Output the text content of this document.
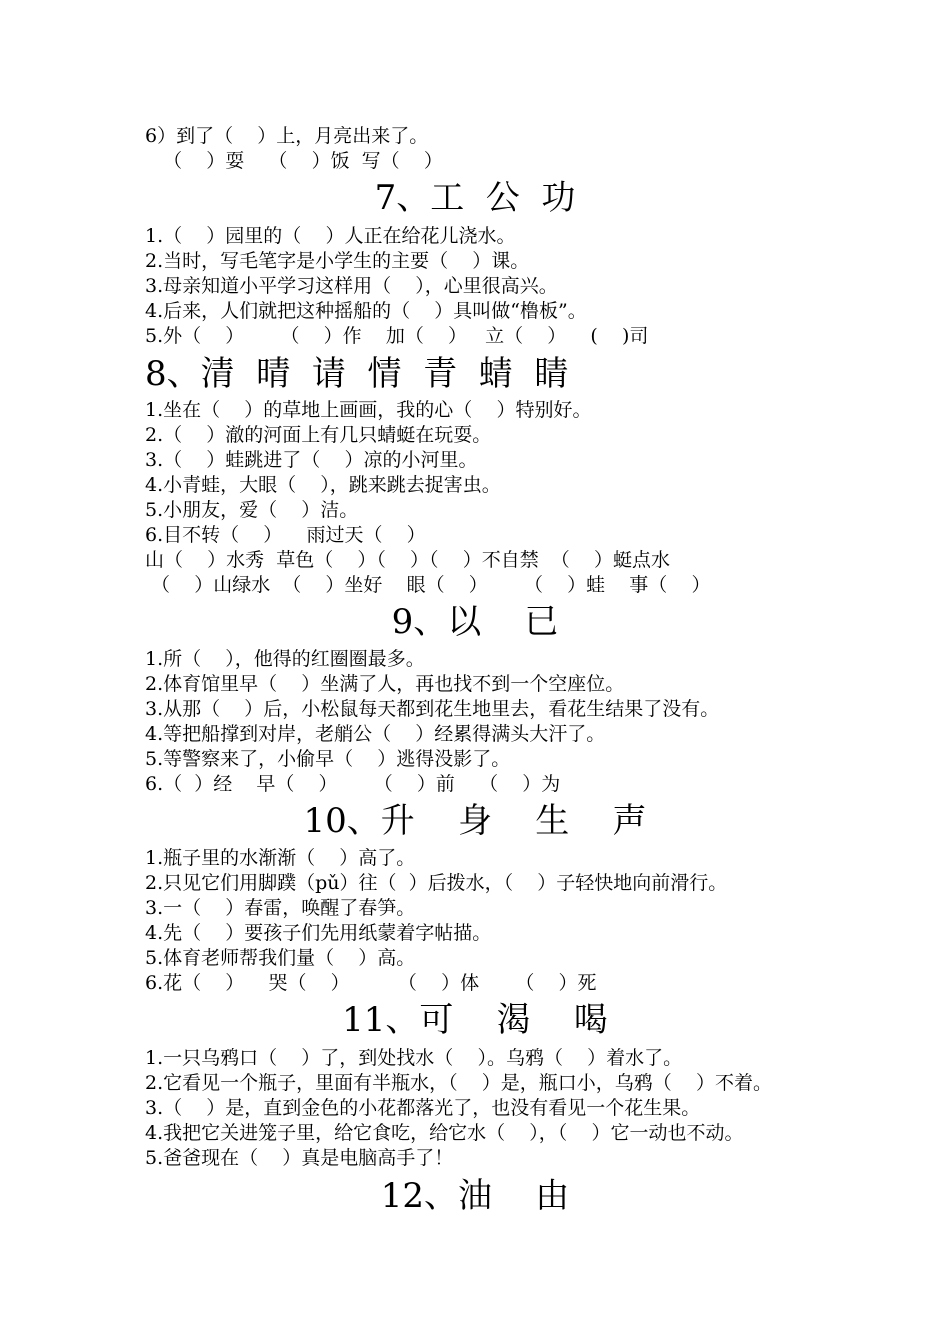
6）到了（    ）上，月亮出来了。
（    ）耍    （    ）饭  写（    ）
7、工  公  功
1.（    ）园里的（    ）人正在给花儿浇水。
2.当时，写毛笔字是小学生的主要（    ）课。
3.母亲知道小平学习这样用（    ），心里很高兴。
4.后来，人们就把这种摇船的（    ）具叫做“橹板”。
5.外（    ）      （    ）作    加（    ）   立（    ）    (    )司
8、清  晴  请  情  青  蜻  睛
1.坐在（    ）的草地上画画，我的心（    ）特别好。
2.（    ）澈的河面上有几只蜻蜓在玩耍。
3.（    ）蛙跳进了（    ）凉的小河里。
4.小青蛙，大眼（    ），跳来跳去捉害虫。
5.小朋友，爱（    ）洁。
6.目不转（    ）    雨过天（    ）
山（    ）水秀  草色（    ）（    ）（    ）不自禁  （    ）蜓点水
（    ）山绿水  （    ）坐好    眼（    ）      （    ）蛙    事（    ）
9、以    已
1.所（    ），他得的红圈圈最多。
2.体育馆里早（    ）坐满了人，再也找不到一个空座位。
3.从那（    ）后，小松鼠每天都到花生地里去，看花生结果了没有。
4.等把船撑到对岸，老艄公（    ）经累得满头大汗了。
5.等警察来了，小偷早（    ）逃得没影了。
6.（  ）经    早（    ）      （    ）前    （    ）为
10、升    身    生    声
1.瓶子里的水渐渐（    ）高了。
2.只见它们用脚蹼（pǔ）往（  ）后拨水，（    ）子轻快地向前滑行。
3.一（    ）春雷，唤醒了春笋。
4.先（    ）要孩子们先用纸蒙着字帖描。
5.体育老师帮我们量（    ）高。
6.花（    ）    哭（    ）        （    ）体      （    ）死
11、可    渴    喝
1.一只乌鸦口（    ）了，到处找水（    ）。乌鸦（    ）着水了。
2.它看见一个瓶子，里面有半瓶水，（    ）是，瓶口小，乌鸦（    ）不着。
3.（    ）是，直到金色的小花都落光了，也没有看见一个花生果。
4.我把它关进笼子里，给它食吃，给它水（    ），（    ）它一动也不动。
5.爸爸现在（    ）真是电脑高手了！
12、油    由
